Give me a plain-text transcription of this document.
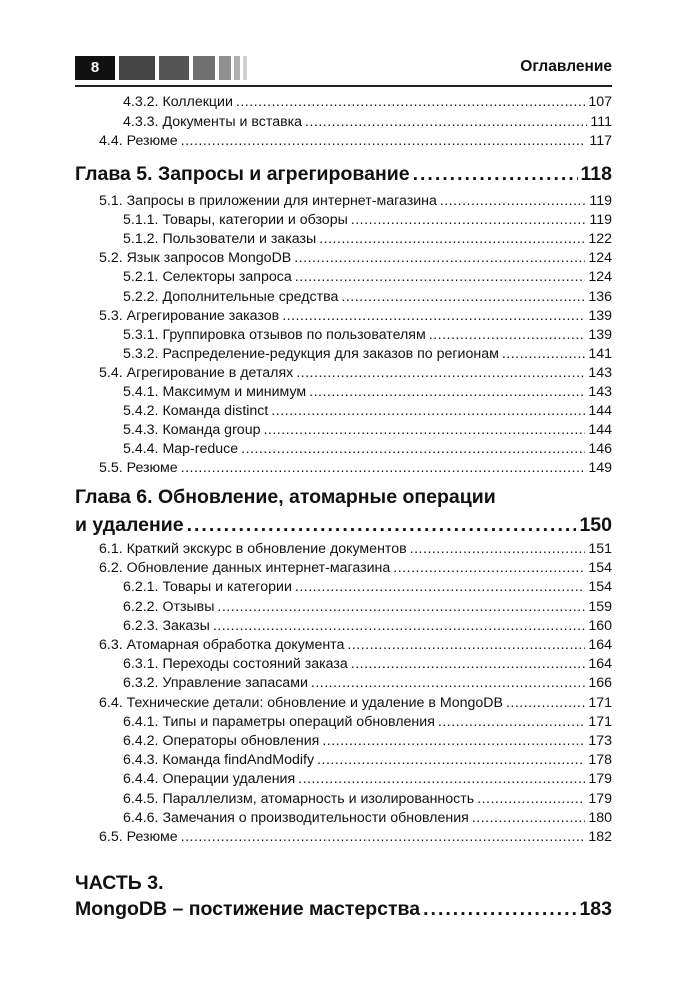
8	Оглавление
4.3.2. Коллекции .....	107
4.3.3. Документы и вставка .....	111
4.4. Резюме .....	117
Глава 5. Запросы и агрегирование .....	118
5.1. Запросы в приложении для интернет-магазина .....	119
5.1.1. Товары, категории и обзоры .....	119
5.1.2. Пользователи и заказы .....	122
5.2. Язык запросов MongoDB .....	124
5.2.1. Селекторы запроса .....	124
5.2.2. Дополнительные средства .....	136
5.3. Агрегирование заказов .....	139
5.3.1. Группировка отзывов по пользователям .....	139
5.3.2. Распределение-редукция для заказов по регионам .....	141
5.4. Агрегирование в деталях .....	143
5.4.1. Максимум и минимум .....	143
5.4.2. Команда distinct .....	144
5.4.3. Команда group .....	144
5.4.4. Map-reduce .....	146
5.5. Резюме .....	149
Глава 6. Обновление, атомарные операции
и удаление .....	150
6.1. Краткий экскурс в обновление документов .....	151
6.2. Обновление данных интернет-магазина .....	154
6.2.1. Товары и категории .....	154
6.2.2. Отзывы .....	159
6.2.3. Заказы .....	160
6.3. Атомарная обработка документа .....	164
6.3.1. Переходы состояний заказа .....	164
6.3.2. Управление запасами .....	166
6.4. Технические детали: обновление и удаление в MongoDB .....	171
6.4.1. Типы и параметры операций обновления .....	171
6.4.2. Операторы обновления .....	173
6.4.3. Команда findAndModify .....	178
6.4.4. Операции удаления .....	179
6.4.5. Параллелизм, атомарность и изолированность .....	179
6.4.6. Замечания о производительности обновления .....	180
6.5. Резюме .....	182
MongoDB – постижение мастерства .....	183
ЧАСТЬ 3.
